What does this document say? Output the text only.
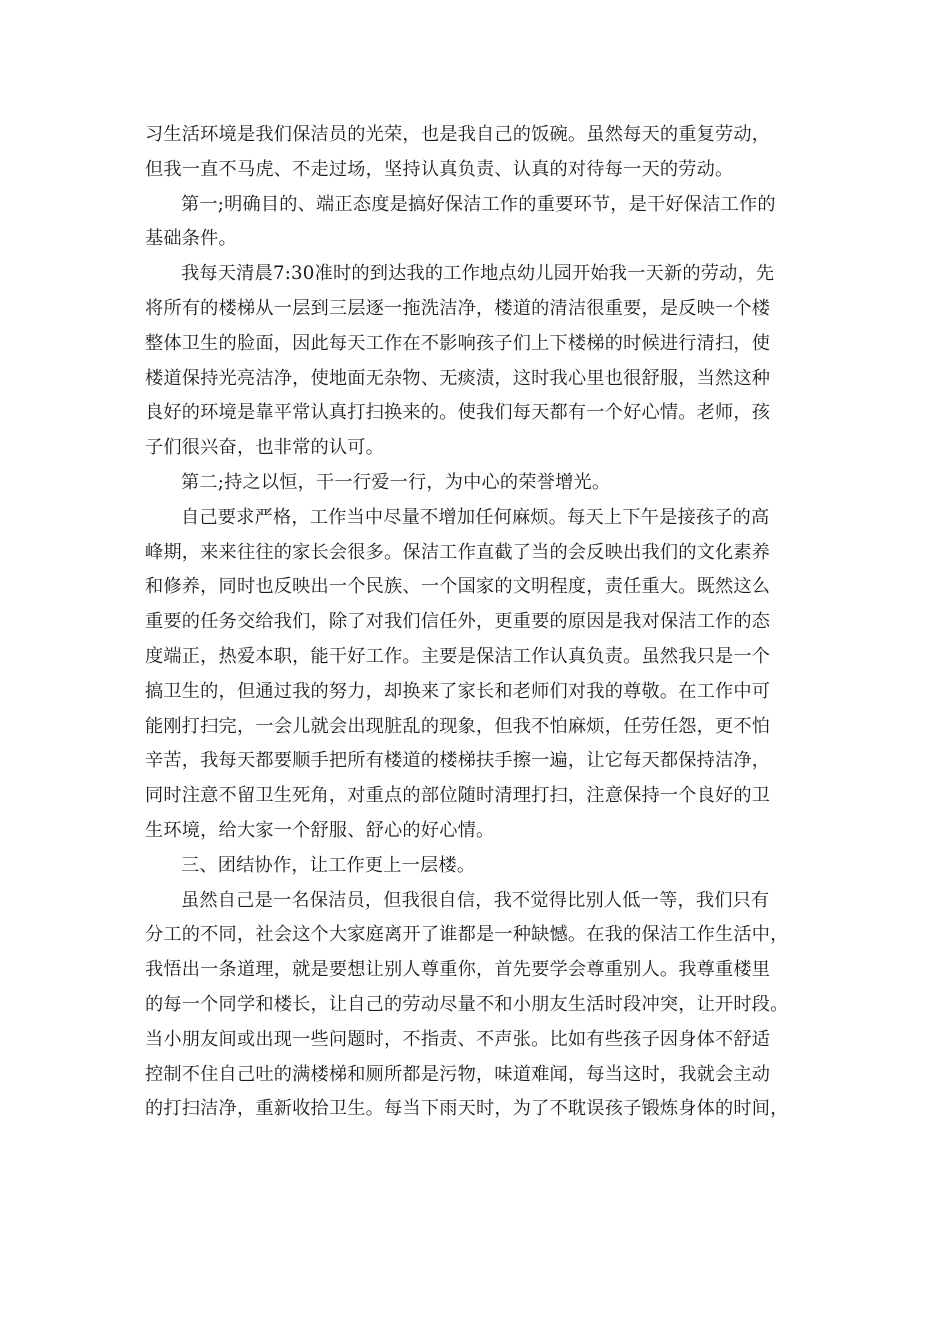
习生活环境是我们保洁员的光荣，也是我自己的饭碗。虽然每天的重复劳动，
但我一直不马虎、不走过场，坚持认真负责、认真的对待每一天的劳动。
第一;明确目的、端正态度是搞好保洁工作的重要环节，是干好保洁工作的
基础条件。
我每天清晨7:30准时的到达我的工作地点幼儿园开始我一天新的劳动，先
将所有的楼梯从一层到三层逐一拖洗洁净，楼道的清洁很重要，是反映一个楼
整体卫生的脸面，因此每天工作在不影响孩子们上下楼梯的时候进行清扫，使
楼道保持光亮洁净，使地面无杂物、无痰渍，这时我心里也很舒服，当然这种
良好的环境是靠平常认真打扫换来的。使我们每天都有一个好心情。老师，孩
子们很兴奋，也非常的认可。
第二;持之以恒，干一行爱一行，为中心的荣誉增光。
自己要求严格，工作当中尽量不增加任何麻烦。每天上下午是接孩子的高
峰期，来来往往的家长会很多。保洁工作直截了当的会反映出我们的文化素养
和修养，同时也反映出一个民族、一个国家的文明程度，责任重大。既然这么
重要的任务交给我们，除了对我们信任外，更重要的原因是我对保洁工作的态
度端正，热爱本职，能干好工作。主要是保洁工作认真负责。虽然我只是一个
搞卫生的，但通过我的努力，却换来了家长和老师们对我的尊敬。在工作中可
能刚打扫完，一会儿就会出现脏乱的现象，但我不怕麻烦，任劳任怨，更不怕
辛苦，我每天都要顺手把所有楼道的楼梯扶手擦一遍，让它每天都保持洁净，
同时注意不留卫生死角，对重点的部位随时清理打扫，注意保持一个良好的卫
生环境，给大家一个舒服、舒心的好心情。
三、团结协作，让工作更上一层楼。
虽然自己是一名保洁员，但我很自信，我不觉得比别人低一等，我们只有
分工的不同，社会这个大家庭离开了谁都是一种缺憾。在我的保洁工作生活中，
我悟出一条道理，就是要想让别人尊重你，首先要学会尊重别人。我尊重楼里
的每一个同学和楼长，让自己的劳动尽量不和小朋友生活时段冲突，让开时段。
当小朋友间或出现一些问题时，不指责、不声张。比如有些孩子因身体不舒适
控制不住自己吐的满楼梯和厕所都是污物，味道难闻，每当这时，我就会主动
的打扫洁净，重新收拾卫生。每当下雨天时，为了不耽误孩子锻炼身体的时间，
